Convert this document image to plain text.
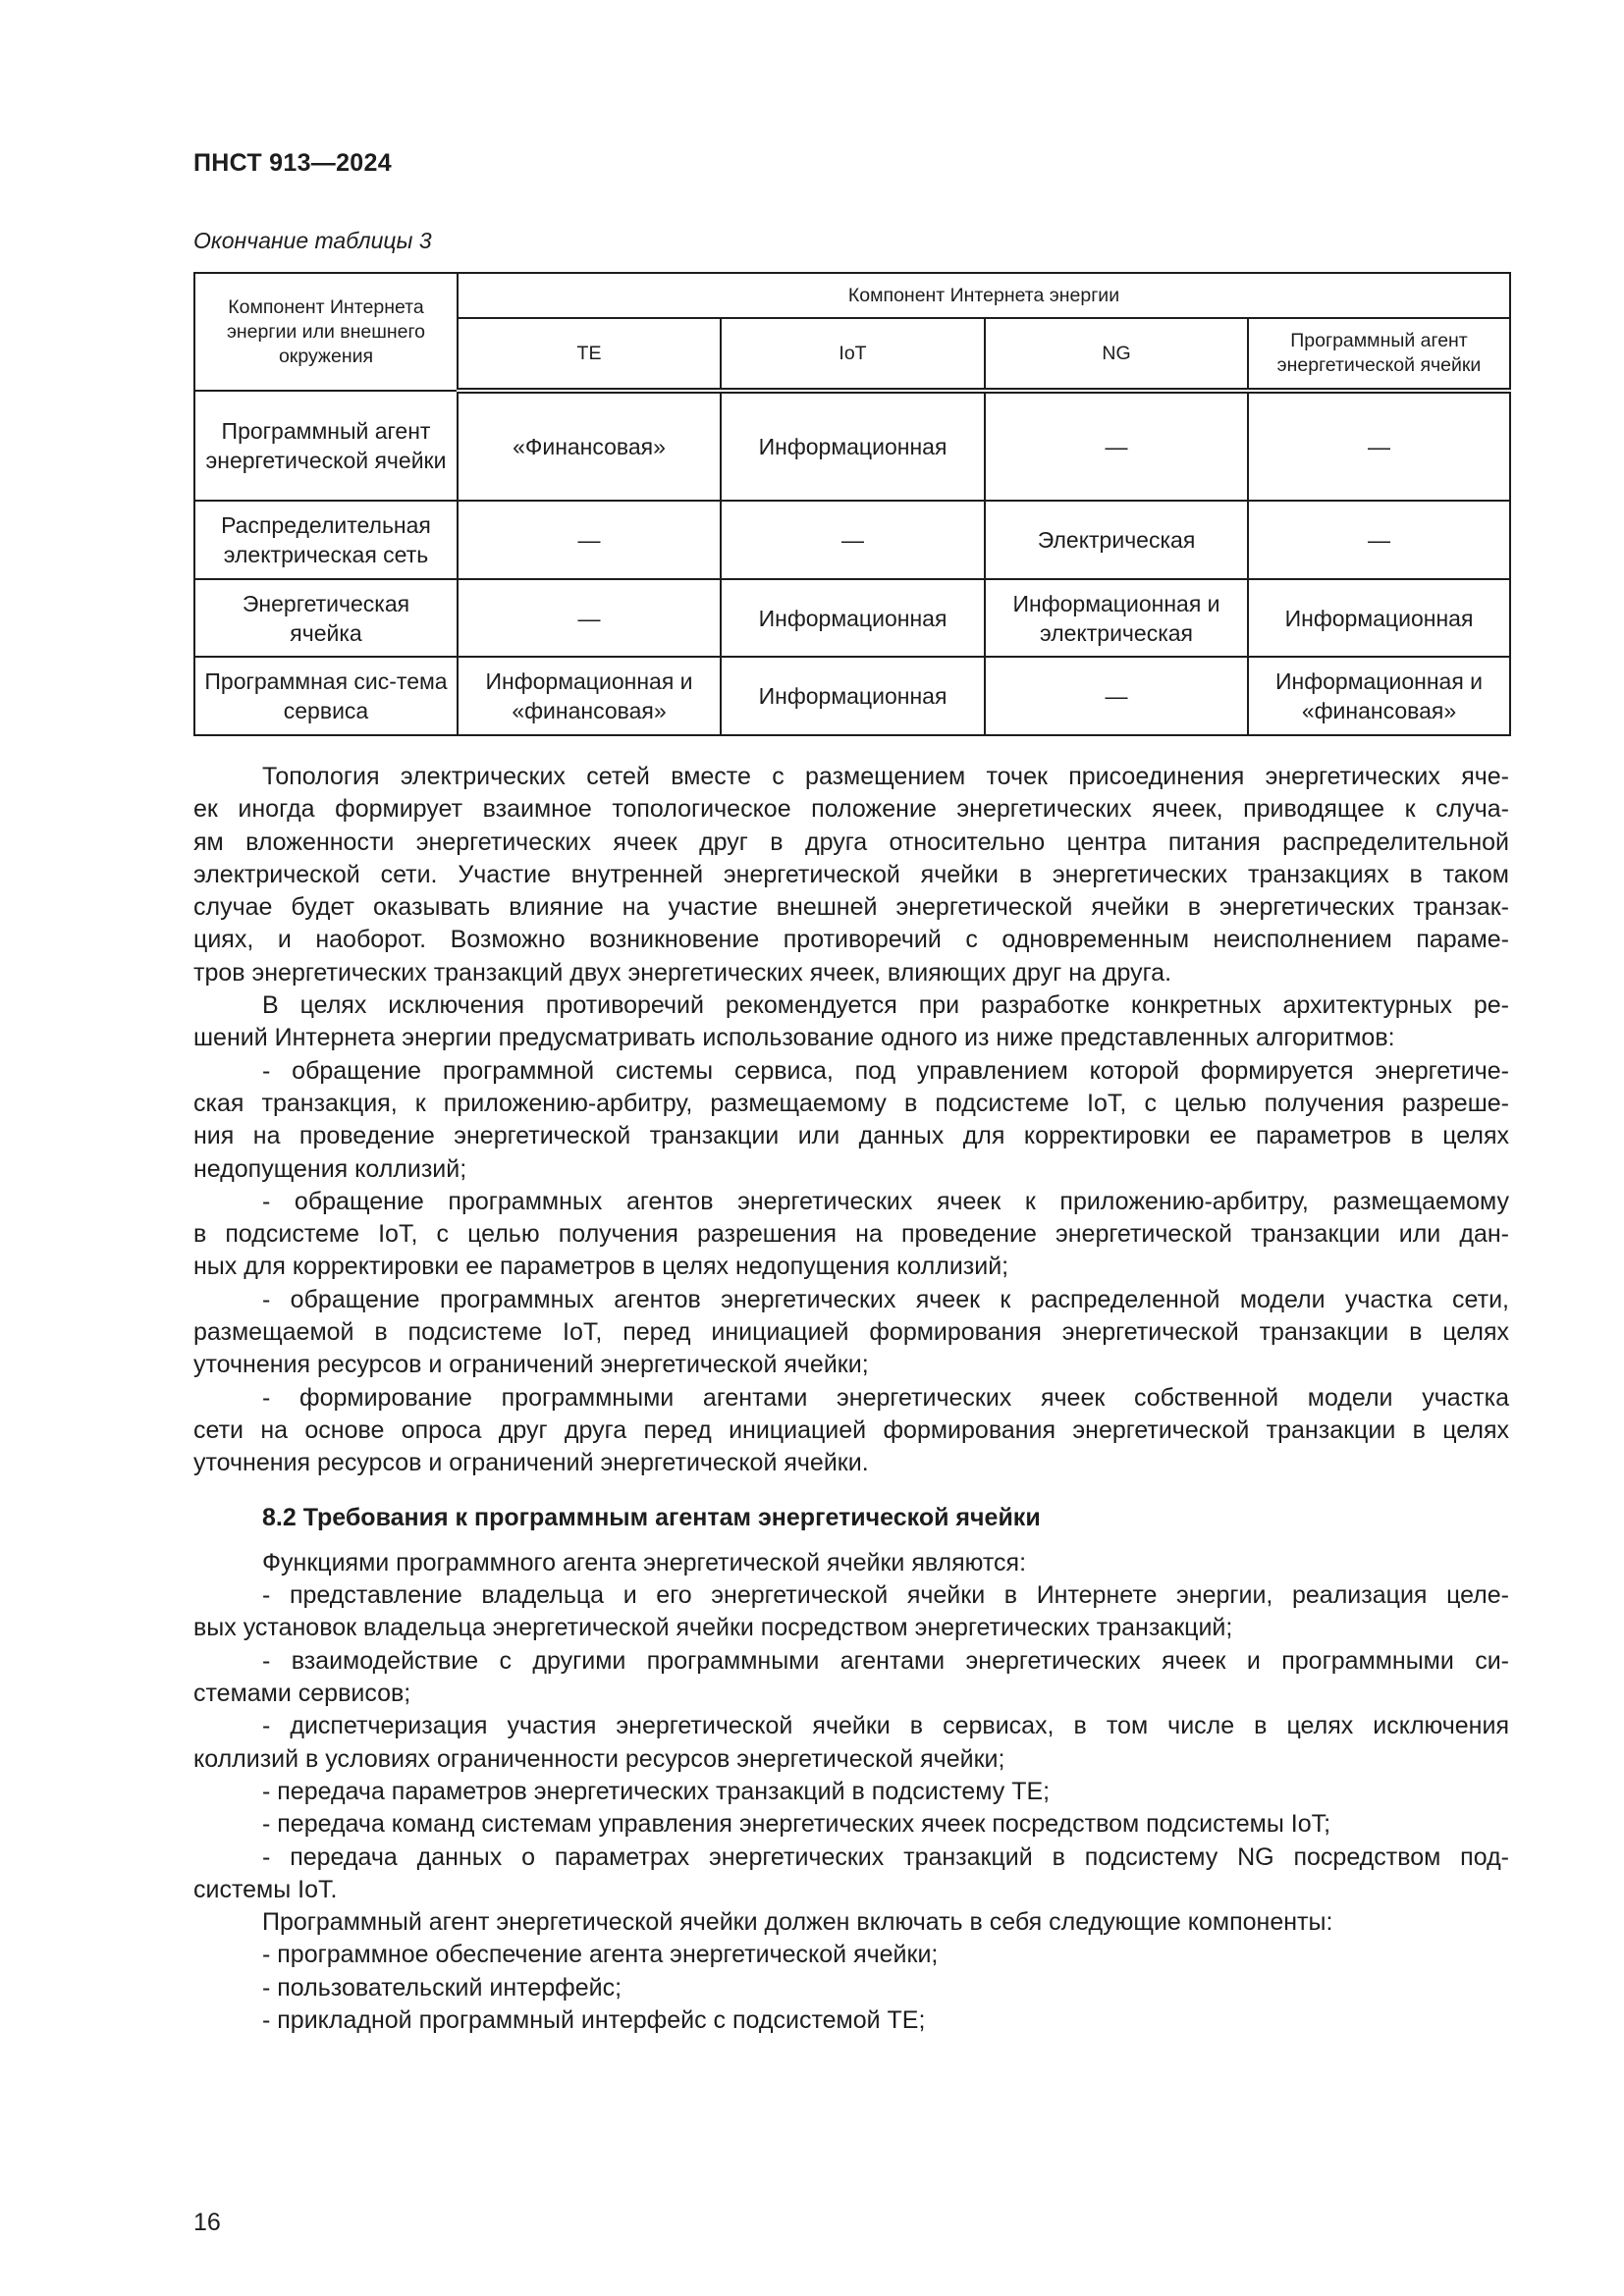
ПНСТ 913—2024
Окончание таблицы 3
Компонент Интернета энергии или внешнего окружения	Компонент Интернета энергии			
	TE	IoT	NG	Программный агент энергетической ячейки
Программный агент энергетической ячейки	«Финансовая»	Информационная	—	—
Распределительная электрическая сеть	—	—	Электрическая	—
Энергетическая ячейка	—	Информационная	Информационная и электрическая	Информационная
Программная сис-тема сервиса	Информационная и «финансовая»	Информационная	—	Информационная и «финансовая»
Топология электрических сетей вместе с размещением точек присоединения энергетических яче-
ек иногда формирует взаимное топологическое положение энергетических ячеек, приводящее к случа-
ям вложенности энергетических ячеек друг в друга относительно центра питания распределительной
электрической сети. Участие внутренней энергетической ячейки в энергетических транзакциях в таком
случае будет оказывать влияние на участие внешней энергетической ячейки в энергетических транзак-
циях, и наоборот. Возможно возникновение противоречий с одновременным неисполнением параме-
тров энергетических транзакций двух энергетических ячеек, влияющих друг на друга.
В целях исключения противоречий рекомендуется при разработке конкретных архитектурных ре-
шений Интернета энергии предусматривать использование одного из ниже представленных алгоритмов:
- обращение программной системы сервиса, под управлением которой формируется энергетиче-
ская транзакция, к приложению-арбитру, размещаемому в подсистеме IoT, с целью получения разреше-
ния на проведение энергетической транзакции или данных для корректировки ее параметров в целях
недопущения коллизий;
- обращение программных агентов энергетических ячеек к приложению-арбитру, размещаемому
в подсистеме IoT, с целью получения разрешения на проведение энергетической транзакции или дан-
ных для корректировки ее параметров в целях недопущения коллизий;
- обращение программных агентов энергетических ячеек к распределенной модели участка сети,
размещаемой в подсистеме IoT, перед инициацией формирования энергетической транзакции в целях
уточнения ресурсов и ограничений энергетической ячейки;
- формирование программными агентами энергетических ячеек собственной модели участка
сети на основе опроса друг друга перед инициацией формирования энергетической транзакции в целях
уточнения ресурсов и ограничений энергетической ячейки.
8.2 Требования к программным агентам энергетической ячейки
Функциями программного агента энергетической ячейки являются:
- представление владельца и его энергетической ячейки в Интернете энергии, реализация целе-
вых установок владельца энергетической ячейки посредством энергетических транзакций;
- взаимодействие с другими программными агентами энергетических ячеек и программными си-
стемами сервисов;
- диспетчеризация участия энергетической ячейки в сервисах, в том числе в целях исключения
коллизий в условиях ограниченности ресурсов энергетической ячейки;
- передача параметров энергетических транзакций в подсистему TE;
- передача команд системам управления энергетических ячеек посредством подсистемы IoT;
- передача данных о параметрах энергетических транзакций в подсистему NG посредством под-
системы IoT.
Программный агент энергетической ячейки должен включать в себя следующие компоненты:
- программное обеспечение агента энергетической ячейки;
- пользовательский интерфейс;
- прикладной программный интерфейс с подсистемой TE;
16
